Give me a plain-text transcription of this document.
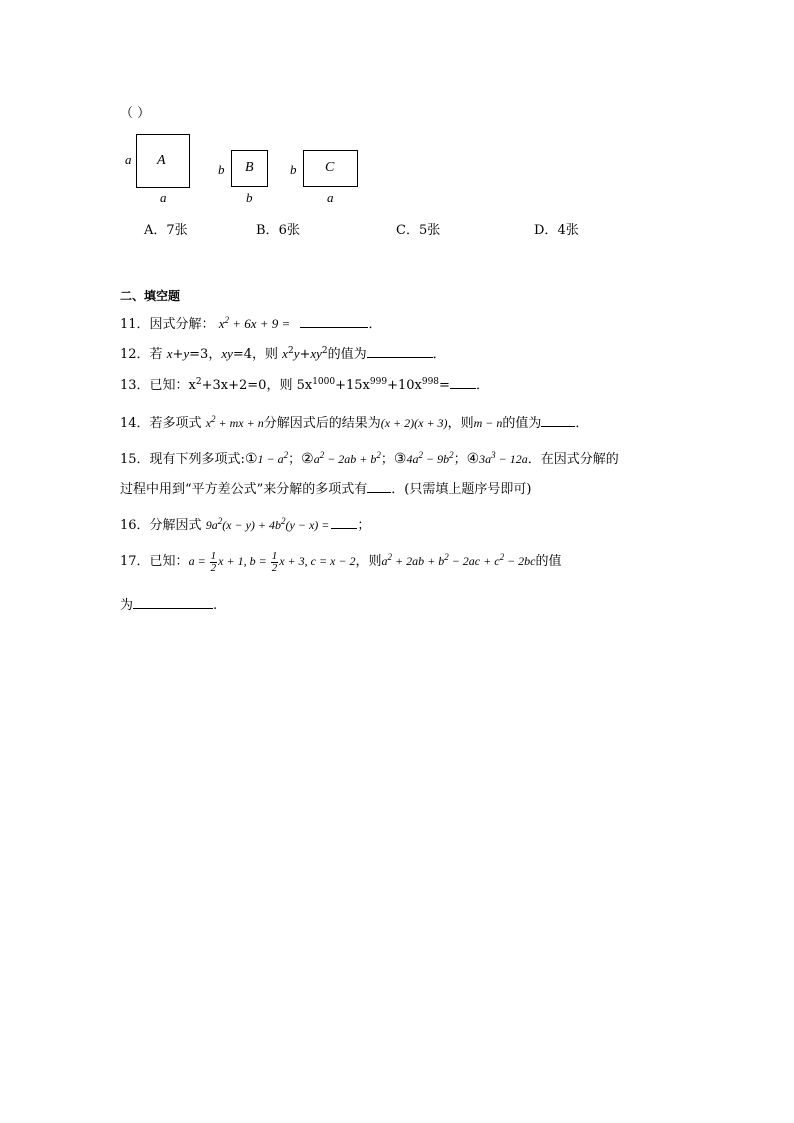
（ ）
a A
a
b B
b
b C
a
A．7张	B．6张	C．5张	D．4张
二、填空题
11．因式分解： $x^2 + 6x + 9$ =	．
12．若 x+y=3，xy=4，则 $x^2y+xy^2$的值为	．
13．已知：$x^2+3x+2=0$，则 $5x^{1000}+15x^{999}+10x^{998}=$ ．
14．若多项式 $x^2$ + mx + n分解因式后的结果为(x + 2)(x + 3)，则m − n的值为	．
15．现有下列多项式:①1 − $a^2$；$②a^2 - 2ab + b^2$；$③4a^2 - 9b^2$；$④3a^3 - 12a$．在因式分解的
过程中用到“平方差公式”来分解的多项式有 ．(只需填上题序号即可)
16．分解因式 $9a^2(x - y) + 4b^2(y - x)$ = ；
17．已知：$a = \frac{1}{2}$ x + 1, $b = \frac{1}{2}$ x + 3, c = x − 2，则$a^2 + 2ab + b^2 - 2ac + c^2 - 2bc$的值
为	.
